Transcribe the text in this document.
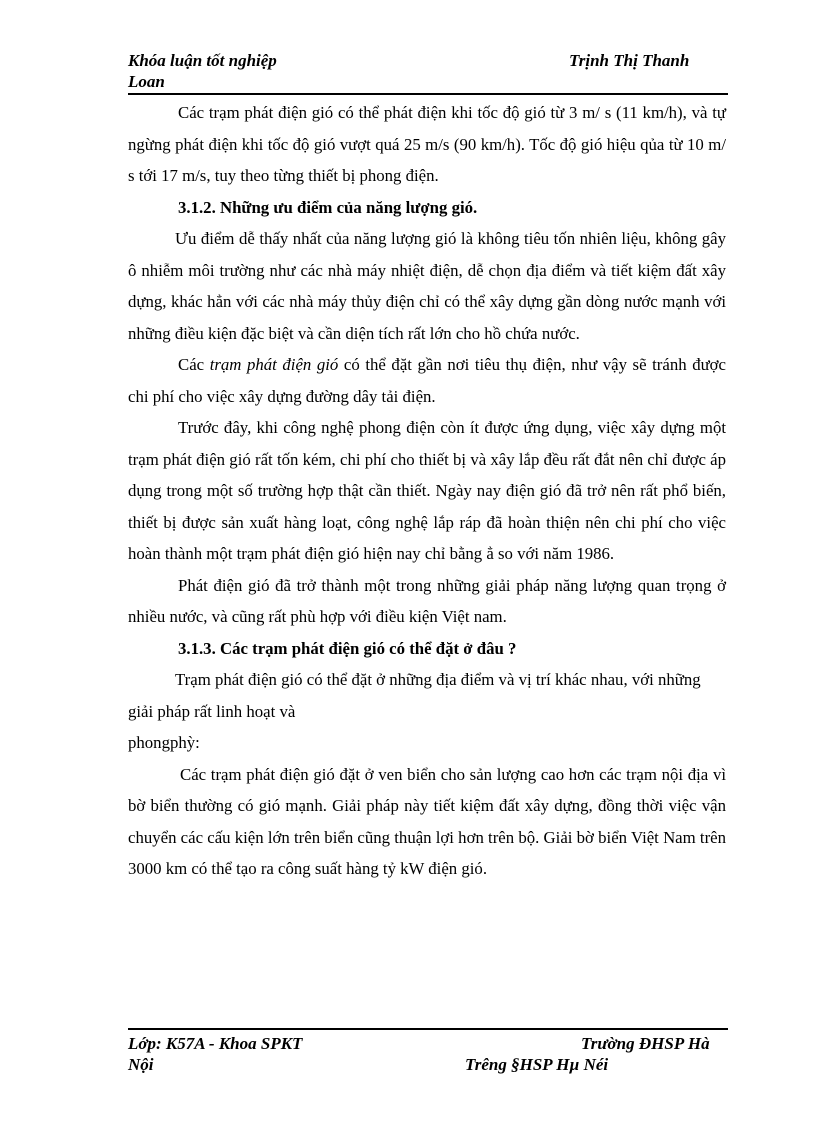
Khóa luận tốt nghiệp	Trịnh Thị Thanh
Loan

Các trạm phát điện gió có thể phát điện khi tốc độ gió từ 3 m/ s (11 km/h), và tự ngừng phát điện khi tốc độ gió vượt quá 25 m/s (90 km/h). Tốc độ gió hiệu qủa từ 10 m/ s tới 17 m/s, tuy theo từng thiết bị phong điện.

3.1.2. Những ưu điểm của năng lượng gió.

Ưu điểm dễ thấy nhất của năng lượng gió là không tiêu tốn nhiên liệu, không gây ô nhiễm môi trường như các nhà máy nhiệt điện, dễ chọn địa điểm và tiết kiệm đất xây dựng, khác hẳn với các nhà máy thủy điện chỉ có thể xây dựng gần dòng nước mạnh với những điều kiện đặc biệt và cần diện tích rất lớn cho hồ chứa nước.

Các trạm phát điện gió có thể đặt gần nơi tiêu thụ điện, như vậy sẽ tránh được chi phí cho việc xây dựng đường dây tải điện.

Trước đây, khi công nghệ phong điện còn ít được ứng dụng, việc xây dựng một trạm phát điện gió rất tốn kém, chi phí cho thiết bị và xây lắp đều rất đắt nên chỉ được áp dụng trong một số trường hợp thật cần thiết. Ngày nay điện gió đã trở nên rất phổ biến, thiết bị được sản xuất hàng loạt, công nghệ lắp ráp đã hoàn thiện nên chi phí cho việc hoàn thành một trạm phát điện gió hiện nay chỉ bằng ẳ so với năm 1986.

Phát điện gió đã trở thành một trong những giải pháp năng lượng quan trọng ở nhiều nước, và cũng rất phù hợp với điều kiện Việt nam.

3.1.3. Các trạm phát điện gió có thể đặt ở đâu ?

Trạm phát điện gió có thể đặt ở những địa điểm và vị trí khác nhau, với những giải pháp rất linh hoạt và

phongphỳ:

Các trạm phát điện gió đặt ở ven biển cho sản lượng cao hơn các trạm nội địa vì bờ biển thường có gió mạnh. Giải pháp này tiết kiệm đất xây dựng, đồng thời việc vận chuyển các cấu kiện lớn trên biển cũng thuận lợi hơn trên bộ. Giải bờ biển Việt Nam trên 3000 km có thể tạo ra công suất hàng tỷ kW điện gió.

Lớp: K57A - Khoa SPKT	Trường ĐHSP Hà
Nội	Trêng §HSP Hµ Néi
